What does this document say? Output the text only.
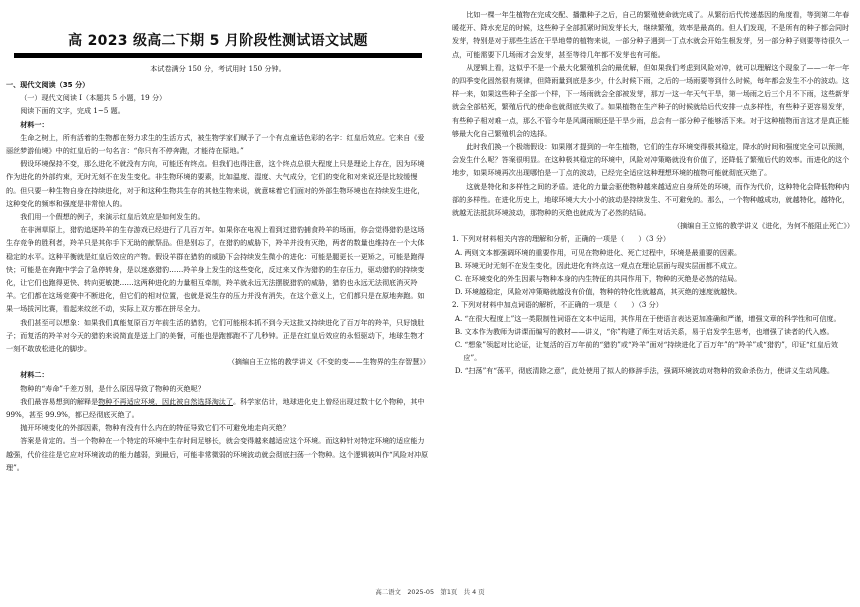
高 2023 级高二下期 5 月阶段性测试语文试题
本试卷满分 150 分，考试用时 150 分钟。

一、现代文阅读（35 分）

（一）现代文阅读 I（本题共 5 小题，19 分）

阅读下面的文字，完成 1~5 题。

材料一：

生命之树上，所有活着的生物都在努力求生的生活方式，被生物学家们赋予了一个有点童话色彩的名字：红皇后效应。它来自《爱丽丝梦游仙境》中的红皇后的一句名言：“你只有不停奔跑，才能待在原地。”

假设环境保持不变，那么进化不就没有方向，可能还有终点。但我们也得注意，这个终点总很大程度上只是理论上存在，因为环境作为进化的外部约束，无时无刻不在发生变化。非生物环境的要素，比如温度、湿度、大气成分，它们的变化和对来说还是比较缓慢的。但只要一种生物自身在持续进化，对于和这种生物共生存的其他生物来说，就意味着它们面对的外部生物环境也在持续发生进化，这种变化的频率和强度是非常惊人的。

我们用一个假想的例子，来演示红皇后效应是如何发生的。

在非洲草原上，猎豹追逐羚羊的生存游戏已经进行了几百万年。如果你在电视上看到过猎豹捕食羚羊的场面，你会觉得猎豹是这场生存竞争的胜利者，羚羊只是其你手下无助的献祭品。但是别忘了，在猎豹的威胁下，羚羊并没有灭绝，两者的数量也维持在一个大体稳定的水平。这种平衡就是红皇后效应的产物。假设羊群在猎豹的威胁下会持续发生微小的进化：可能是腿更长一更矫之，可能是跑得快；可能是在奔跑中学会了急停转身，是以迷惑猎豹……羚羊身上发生的这些变化，反过来又作为猎豹的生存压力，驱动猎豹的持续变化，让它们也跑得更快、转向更敏捷……这两种进化的力量相互牵制，羚羊就永远无法摆脱猎豹的威胁，猎豹也永远无法彻底消灭羚羊。它们都在这场竞赛中不断进化，但它们的相对位置，也就是说生存的压力并没有消失，在这个意义上，它们都只是在原地奔跑。如果一场拔河比赛，看起来纹丝不动，实际上双方都在拼尽全力。

我们甚至可以想象：如果我们真能复原百万年前生活的猎豹，它们可能根本抓不到今天这批又持续进化了百万年的羚羊，只好饿肚子；而复活的羚羊对今天的猎豹来说简直是送上门的美餐，可能也是跑都跑不了几秒钟。正是在红皇后效应的永恒驱动下，地球生物才一刻不敢放松进化的脚步。

（摘编自王立铭的教学讲义《不变的变——生物界的生存智慧》）

材料二：

物种的“寿命”千差万别，是什么原因导致了物种的灭绝呢？

我们最容易想到的解释是物种不再适应环境，因此被自然选择淘汰了。科学家估计，地球进化史上曾经出现过数十亿个物种，其中 99%，甚至 99.9%，都已经彻底灭绝了。

抛开环境变化的外部因素，物种有没有什么内在的特征导致它们不可避免地走向灭绝？

答案是肯定的。当一个物种在一个特定的环境中生存时间足够长，就会变得越来越适应这个环境。而这种针对特定环境的适应能力越强，代价往往是它应对环境波动的能力越弱，到最后，可能非常微弱的环境波动就会彻底扫荡一个物种。这个逻辑被叫作“风险对冲原理”。

比如一棵一年生植物在完成交配、播撒种子之后，自己的繁殖使命就完成了。从繁衍后代传递基因的角度看，等到第二年春暖花开、降水充足的时候，这些种子全部抓紧时间发芽长大，继续繁殖，效率是最高的。但人们发现，不是所有的种子都会同时发芽，特别是对于那些生活在干旱地带的植物来说，一部分种子遇到一丁点水就会开始生根发芽，另一部分种子则要等待很久一点，可能需要下几场雨才会发芽，甚至等待几年都不发芽也有可能。

从逻辑上看，这似乎不是一个最大化繁殖机会的最优解，但如果我们考虑到风险对冲，就可以理解这个现象了——一年一年的四季变化固然很有规律，但降雨量到底是多少，什么时候下雨，之后的一场雨要等到什么时候，每年都会发生不小的波动。这样一来，如果这些种子全部一个样，下一场雨就会全部被发芽，那万一这一年天气干旱，第一场雨之后三个月不下雨，这些新芽就会全部枯死，繁殖后代的使命也就彻底失败了。如果植物在生产种子的时候就给后代安排一点多样性，有些种子更容易发芽，有些种子相对难一点，那么不管今年是风调雨顺还是干旱少雨，总会有一部分种子能够活下来。对于这种植物而言这才是真正能够最大化自己繁殖机会的选择。

此时我们换一个极端假设：如果刚才提到的一年生植物，它们的生存环境变得极其稳定，降水的时间和强度完全可以预测，会发生什么呢？答案很明显。在这种极其稳定的环境中，风险对冲策略就没有价值了，还降低了繁殖后代的效率。而进化的这个地步，如果环境再次出现哪怕是一丁点的波动，已经完全适应这种理想环境的植物可能就彻底灭绝了。

这就是特化和多样性之间的矛盾。进化的力量会驱使物种越来越适应自身所处的环境，而作为代价，这种特化会降低物种内部的多样性。在进化历史上，地球环境大大小小的波动是持续发生、不可避免的。那么，一个物种越成功，就越特化，越特化，就越无法抵抗环境波动，那物种的灭绝也就成为了必然的结局。

（摘编自王立铭的教学讲义《进化，为何不能阻止死亡》）

1. 下列对材料相关内容的理解和分析，正确的一项是（　　）（3 分）

A. 两则文本都强调环境的重要作用，可见在物种进化、死亡过程中，环境是最重要的因素。

B. 环境无时无刻不在发生变化，因此进化有终点这一观点在理论层面与现实层面都不成立。

C. 在环境变化的外生因素与物种本身的内生特征的共同作用下，物种的灭绝是必然的结局。

D. 环境越稳定，风险对冲策略就越没有价值，物种的特化性就越高，其灭绝的速度就越快。

2. 下列对材料中加点词语的解析，不正确的一项是（　　）（3 分）

A. “在很大程度上”这一类限制性词语在文本中运用，其作用在于使语言表达更加准确和严谨，增强文章的科学性和可信度。

B. 文本作为教师为讲课而编写的教材——讲义，“你”构建了师生对话关系，易于启发学生思考，也增强了读者的代入感。

C. “想象”领起对比论证，让复活的百万年前的“猎豹”或“羚羊”面对“持续进化了百万年”的“羚羊”或“猎豹”，印证“红皇后效应”。

D. “扫荡”有“荡平，彻底清除之意”，此处使用了拟人的修辞手法，强调环境波动对物种的致命杀伤力，使讲义生动风趣。

高二语文　2025-05　第1页　共 4 页
